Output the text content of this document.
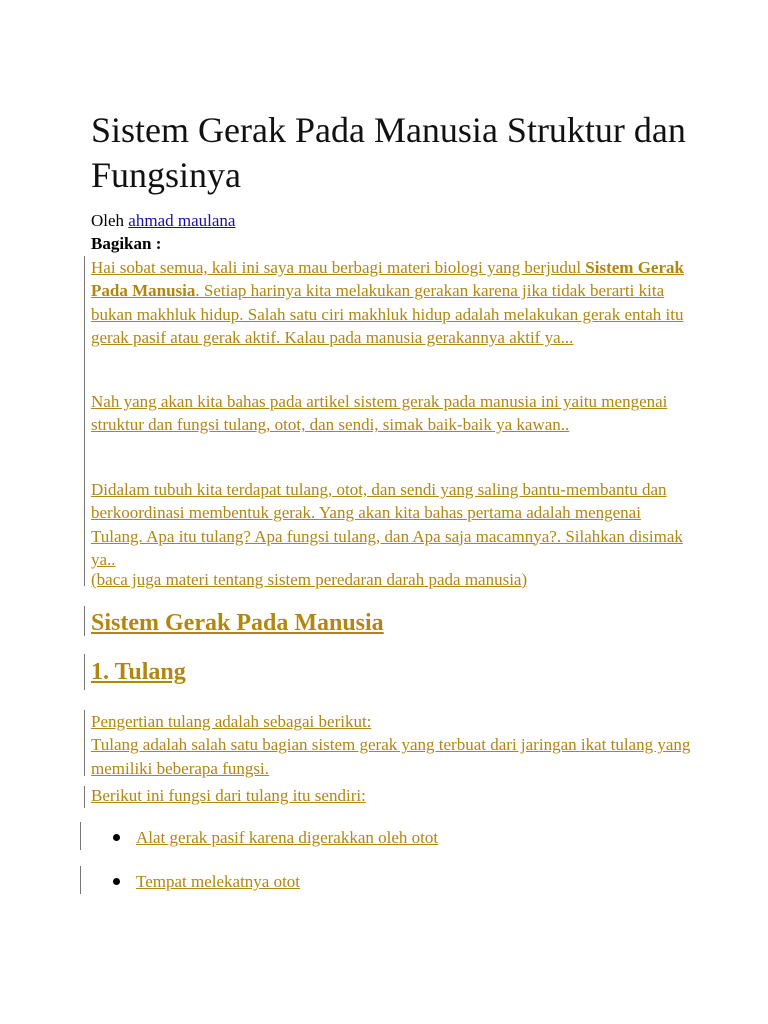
Sistem Gerak Pada Manusia Struktur dan Fungsinya
Oleh ahmad maulana
Bagikan :

Hai sobat semua, kali ini saya mau berbagi materi biologi yang berjudul Sistem Gerak Pada Manusia. Setiap harinya kita melakukan gerakan karena jika tidak berarti kita bukan makhluk hidup. Salah satu ciri makhluk hidup adalah melakukan gerak entah itu gerak pasif atau gerak aktif. Kalau pada manusia gerakannya aktif ya...

Nah yang akan kita bahas pada artikel sistem gerak pada manusia ini yaitu mengenai struktur dan fungsi tulang, otot, dan sendi, simak baik-baik ya kawan..

Didalam tubuh kita terdapat tulang, otot, dan sendi yang saling bantu-membantu dan berkoordinasi membentuk gerak. Yang akan kita bahas pertama adalah mengenai Tulang. Apa itu tulang? Apa fungsi tulang, dan Apa saja macamnya?. Silahkan disimak ya..

(baca juga materi tentang sistem peredaran darah pada manusia)

Sistem Gerak Pada Manusia
1. Tulang

Pengertian tulang adalah sebagai berikut:
Tulang adalah salah satu bagian sistem gerak yang terbuat dari jaringan ikat tulang yang memiliki beberapa fungsi.

Berikut ini fungsi dari tulang itu sendiri:

Alat gerak pasif karena digerakkan oleh otot
Tempat melekatnya otot
